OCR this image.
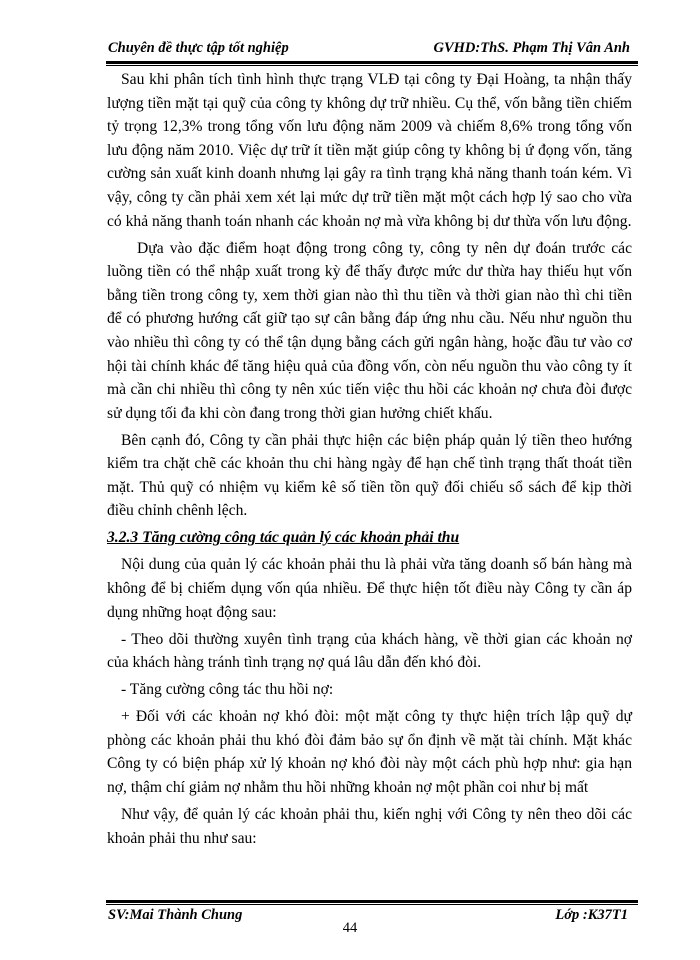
Chuyên đề thực tập tốt nghiệp	GVHD:ThS. Phạm Thị Vân Anh

Sau khi phân tích tình hình thực trạng VLĐ tại công ty Đại Hoàng, ta nhận thấy lượng tiền mặt tại quỹ của công ty không dự trữ nhiều. Cụ thể, vốn bằng tiền chiếm tỷ trọng 12,3% trong tổng vốn lưu động năm 2009 và chiếm 8,6% trong tổng vốn lưu động năm 2010. Việc dự trữ ít tiền mặt giúp công ty không bị ứ đọng vốn, tăng cường sản xuất kinh doanh nhưng lại gây ra tình trạng khả năng thanh toán kém. Vì vậy, công ty cần phải xem xét lại mức dự trữ tiền mặt một cách hợp lý sao cho vừa có khả năng thanh toán nhanh các khoản nợ mà vừa không bị dư thừa vốn lưu động.

Dựa vào đặc điểm hoạt động trong công ty, công ty nên dự đoán trước các luồng tiền có thể nhập xuất trong kỳ để thấy được mức dư thừa hay thiếu hụt vốn bằng tiền trong công ty, xem thời gian nào thì thu tiền và thời gian nào thì chi tiền để có phương hướng cất giữ tạo sự cân bằng đáp ứng nhu cầu. Nếu như nguồn thu vào nhiều thì công ty có thể tận dụng bằng cách gửi ngân hàng, hoặc đầu tư vào cơ hội tài chính khác để tăng hiệu quả của đồng vốn, còn nếu nguồn thu vào công ty ít mà cần chi nhiều thì công ty nên xúc tiến việc thu hồi các khoản nợ chưa đòi được sử dụng tối đa khi còn đang trong thời gian hưởng chiết khấu.

Bên cạnh đó, Công ty cần phải thực hiện các biện pháp quản lý tiền theo hướng kiểm tra chặt chẽ các khoản thu chi hàng ngày để hạn chế tình trạng thất thoát tiền mặt. Thủ quỹ có nhiệm vụ kiểm kê số tiền tồn quỹ đối chiếu sổ sách để kịp thời điều chỉnh chênh lệch.

3.2.3 Tăng cường công tác quản lý các khoản phải thu

Nội dung của quản lý các khoản phải thu là phải vừa tăng doanh số bán hàng mà không để bị chiếm dụng vốn qúa nhiều. Để thực hiện tốt điều này Công ty cần áp dụng những hoạt động sau:

- Theo dõi thường xuyên tình trạng của khách hàng, về thời gian các khoản nợ của khách hàng tránh tình trạng nợ quá lâu dẫn đến khó đòi.

- Tăng cường công tác thu hồi nợ:

+ Đối với các khoản nợ khó đòi: một mặt công ty thực hiện trích lập quỹ dự phòng các khoản phải thu khó đòi đảm bảo sự ổn định về mặt tài chính. Mặt khác Công ty có biện pháp xử lý khoản nợ khó đòi này một cách phù hợp như: gia hạn nợ, thậm chí giảm nợ nhằm thu hồi những khoản nợ một phần coi như bị mất

Như vậy, để quản lý các khoản phải thu, kiến nghị với Công ty nên theo dõi các khoản phải thu như sau:

SV:Mai Thành Chung	Lớp :K37T1
44
